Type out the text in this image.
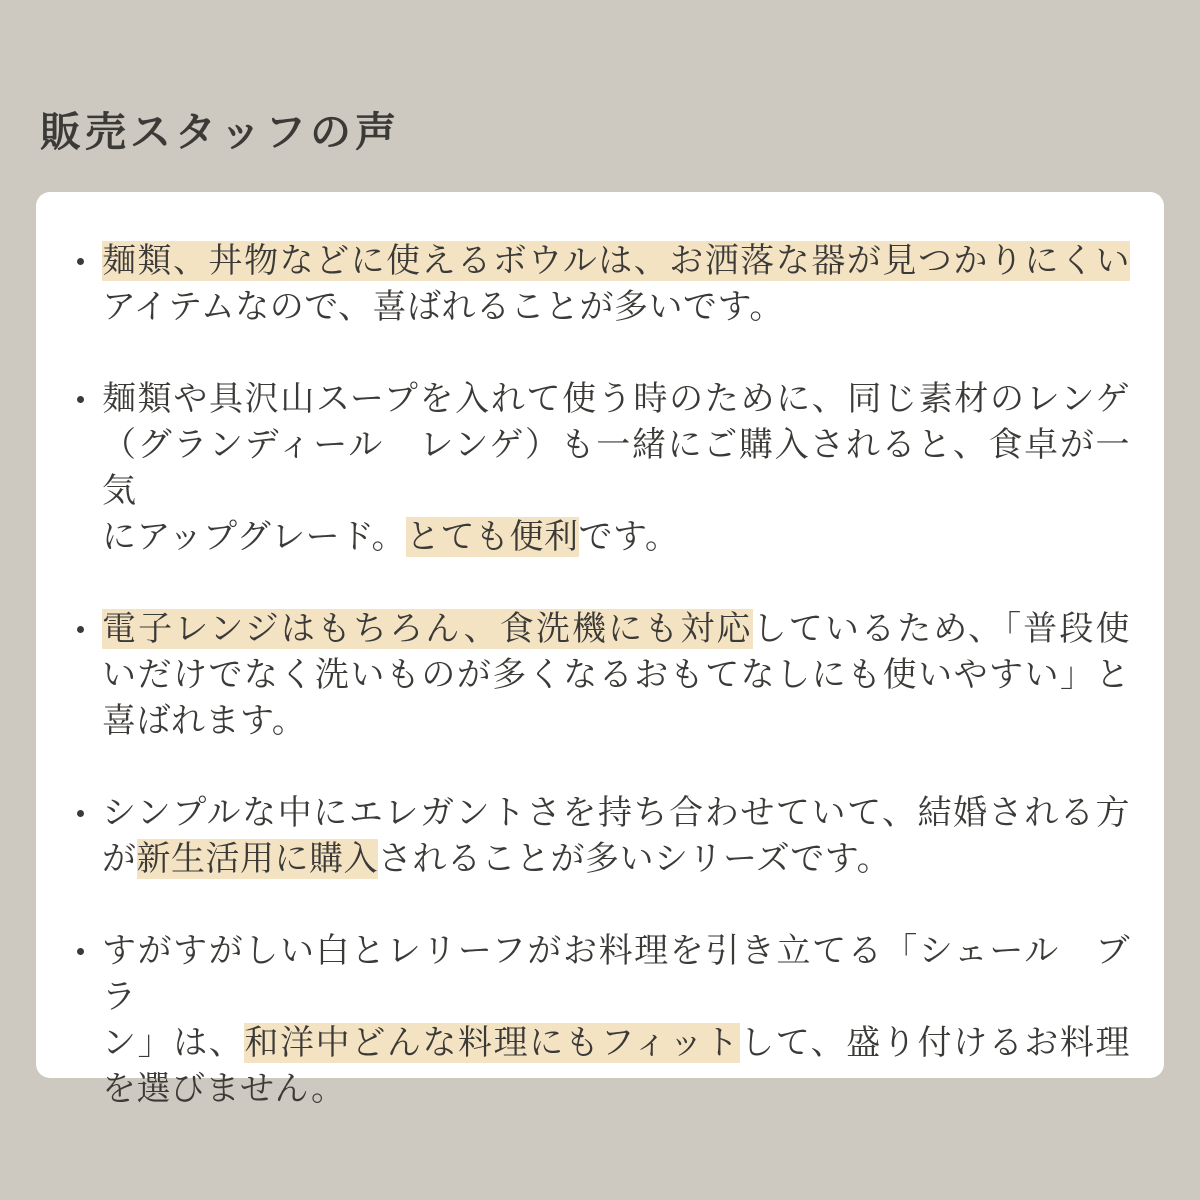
販売スタッフの声
麺類、丼物などに使えるボウルは、お洒落な器が見つかりにくい
アイテムなので、喜ばれることが多いです。
麺類や具沢山スープを入れて使う時のために、同じ素材のレンゲ
（グランディール　レンゲ）も一緒にご購入されると、食卓が一気
にアップグレード。とても便利です。
電子レンジはもちろん、食洗機にも対応しているため、「普段使
いだけでなく洗いものが多くなるおもてなしにも使いやすい」と
喜ばれます。
シンプルな中にエレガントさを持ち合わせていて、結婚される方
が新生活用に購入されることが多いシリーズです。
すがすがしい白とレリーフがお料理を引き立てる「シェール　ブラ
ン」は、和洋中どんな料理にもフィットして、盛り付けるお料理
を選びません。
